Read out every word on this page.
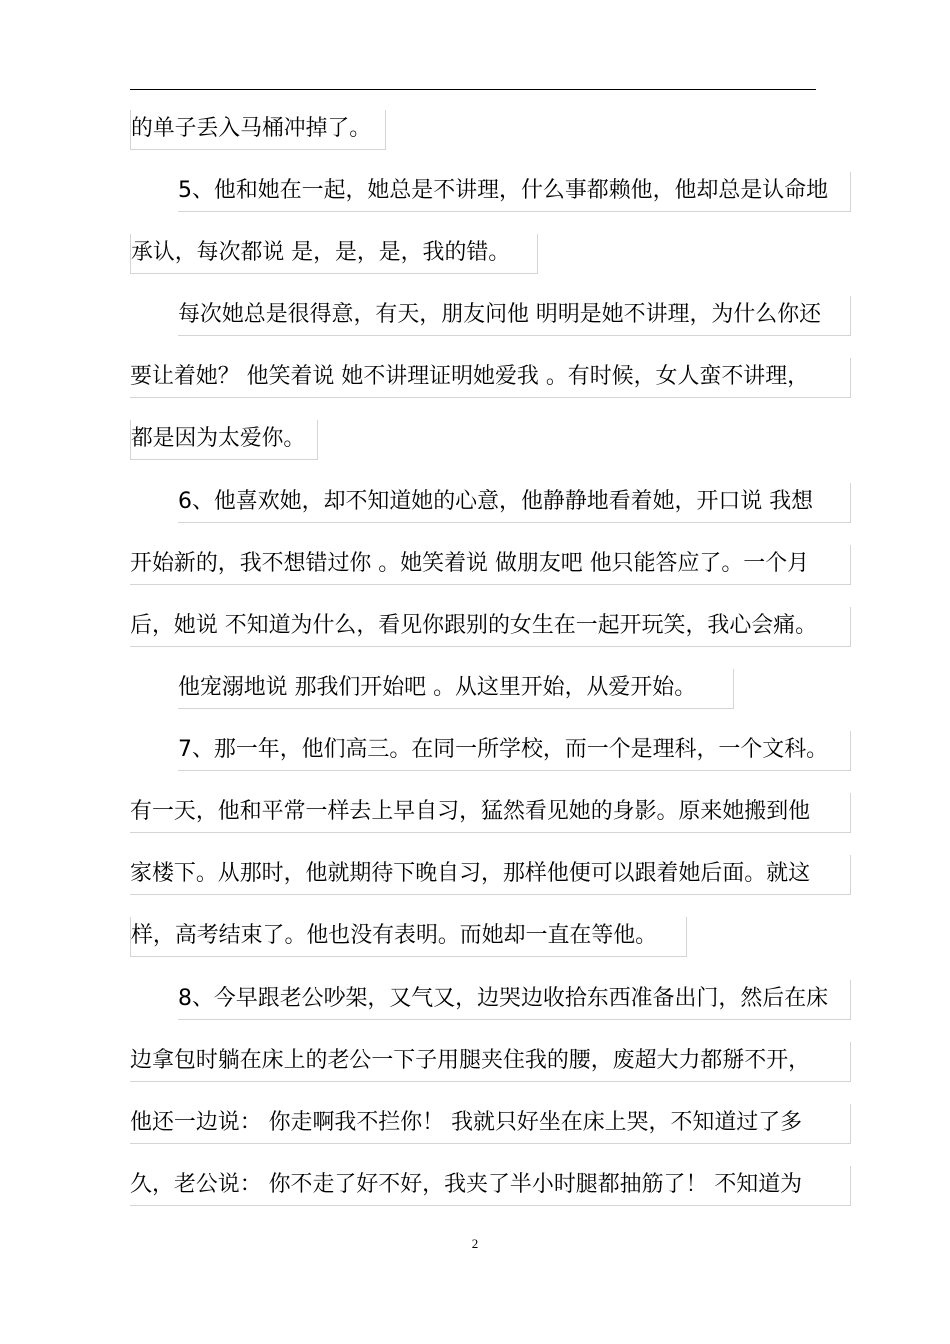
的单子丢入马桶冲掉了。
5、他和她在一起，她总是不讲理，什么事都赖他，他却总是认命地
承认，每次都说 是，是，是，我的错。
每次她总是很得意，有天，朋友问他 明明是她不讲理，为什么你还
要让着她？ 他笑着说 她不讲理证明她爱我 。有时候，女人蛮不讲理，
都是因为太爱你。
6、他喜欢她，却不知道她的心意，他静静地看着她，开口说 我想
开始新的，我不想错过你 。她笑着说 做朋友吧 他只能答应了。一个月
后，她说 不知道为什么，看见你跟别的女生在一起开玩笑，我心会痛。
他宠溺地说 那我们开始吧 。从这里开始，从爱开始。
7、那一年，他们高三。在同一所学校，而一个是理科，一个文科。
有一天，他和平常一样去上早自习，猛然看见她的身影。原来她搬到他
家楼下。从那时，他就期待下晚自习，那样他便可以跟着她后面。就这
样，高考结束了。他也没有表明。而她却一直在等他。
8、今早跟老公吵架，又气又，边哭边收拾东西准备出门，然后在床
边拿包时躺在床上的老公一下子用腿夹住我的腰，废超大力都掰不开，
他还一边说： 你走啊我不拦你！ 我就只好坐在床上哭，不知道过了多
久，老公说： 你不走了好不好，我夹了半小时腿都抽筋了！ 不知道为
2
